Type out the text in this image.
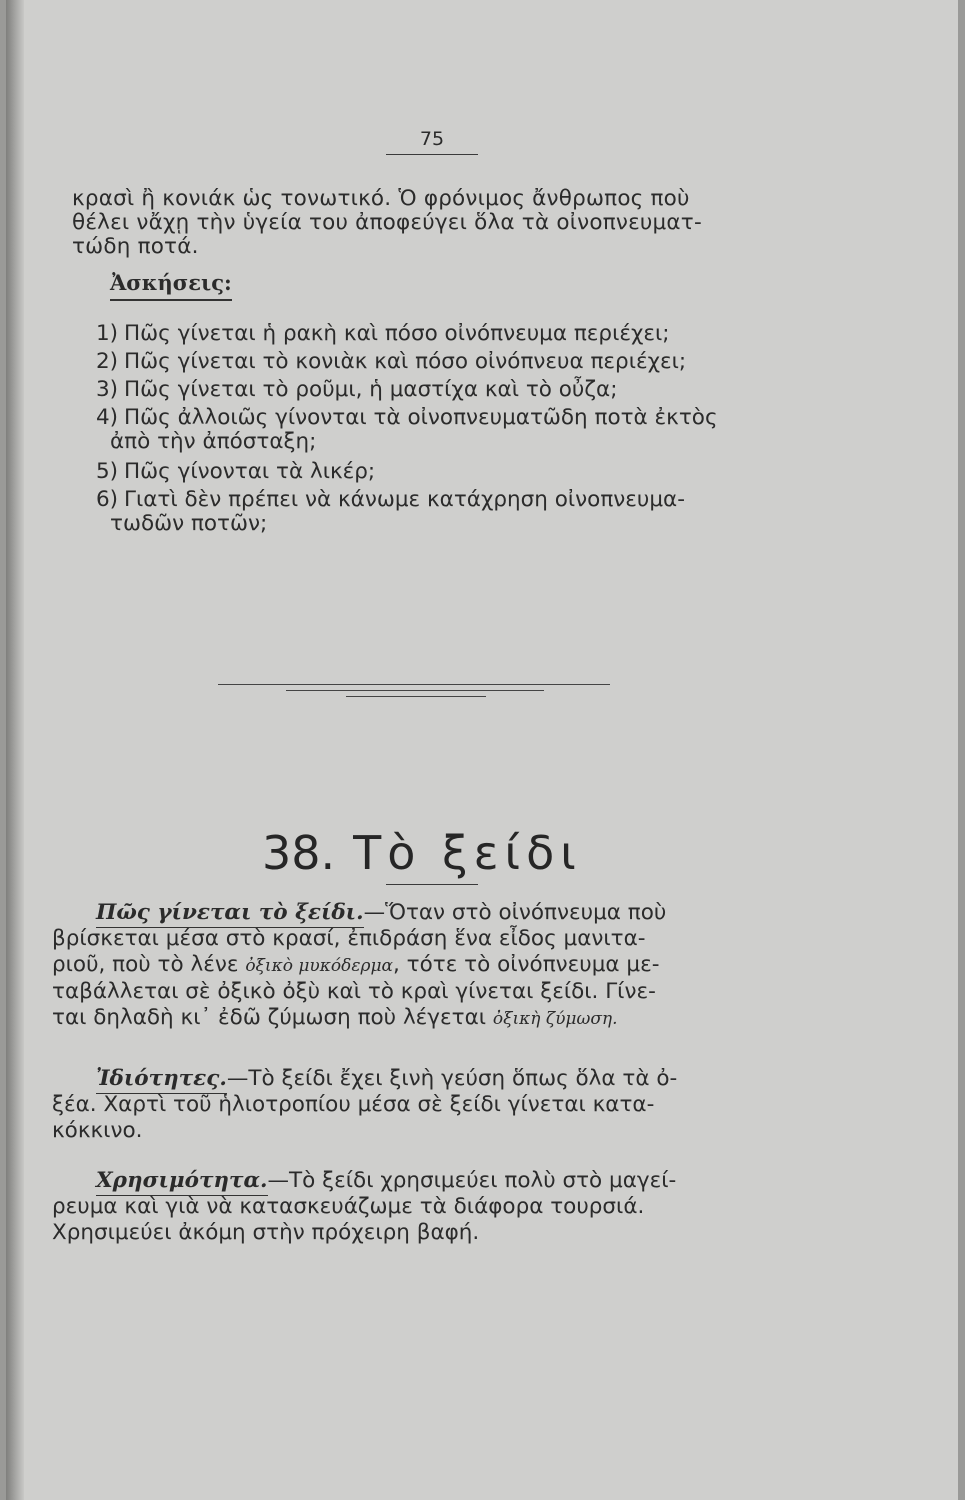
75
κρασὶ ἢ κονιάκ ὡς τονωτικό. Ὁ φρόνιμος ἄνθρωπος ποὺ
θέλει νἄχῃ τὴν ὑγεία του ἀποφεύγει ὅλα τὰ οἰνοπνευματ-
τώδη ποτά.
Ἀσκήσεις:
1) Πῶς γίνεται ἡ ρακὴ καὶ πόσο οἰνόπνευμα περιέχει;
2) Πῶς γίνεται τὸ κονιὰκ καὶ πόσο οἰνόπνευα περιέχει;
3) Πῶς γίνεται τὸ ροῦμι, ἡ μαστίχα καὶ τὸ οὖζα;
4) Πῶς ἀλλοιῶς γίνονται τὰ οἰνοπνευματῶδη ποτὰ ἐκτὸς
ἀπὸ τὴν ἀπόσταξη;
5) Πῶς γίνονται τὰ λικέρ;
6) Γιατὶ δὲν πρέπει νὰ κάνωμε κατάχρηση οἰνοπνευμα-
τωδῶν ποτῶν;
38. Τὸ ξείδι
Πῶς γίνεται τὸ ξείδι.—Ὅταν στὸ οἰνόπνευμα ποὺ
βρίσκεται μέσα στὸ κρασί, ἐπιδράση ἕνα εἶδος μανιτα-
ριοῦ, ποὺ τὸ λένε ὀξικὸ μυκόδερμα, τότε τὸ οἰνόπνευμα με-
ταβάλλεται σὲ ὀξικὸ ὀξὺ καὶ τὸ κραὶ γίνεται ξείδι. Γίνε-
ται δηλαδὴ κι᾽ ἐδῶ ζύμωση ποὺ λέγεται ὀξικὴ ζύμωση.
Ἰδιότητες.—Τὸ ξείδι ἔχει ξινὴ γεύση ὅπως ὅλα τὰ ὀ-
ξέα. Χαρτὶ τοῦ ἡλιοτροπίου μέσα σὲ ξείδι γίνεται κατα-
κόκκινο.
Χρησιμότητα.—Τὸ ξείδι χρησιμεύει πολὺ στὸ μαγεί-
ρευμα καὶ γιὰ νὰ κατασκευάζωμε τὰ διάφορα τουρσιά.
Χρησιμεύει ἀκόμη στὴν πρόχειρη βαφή.
